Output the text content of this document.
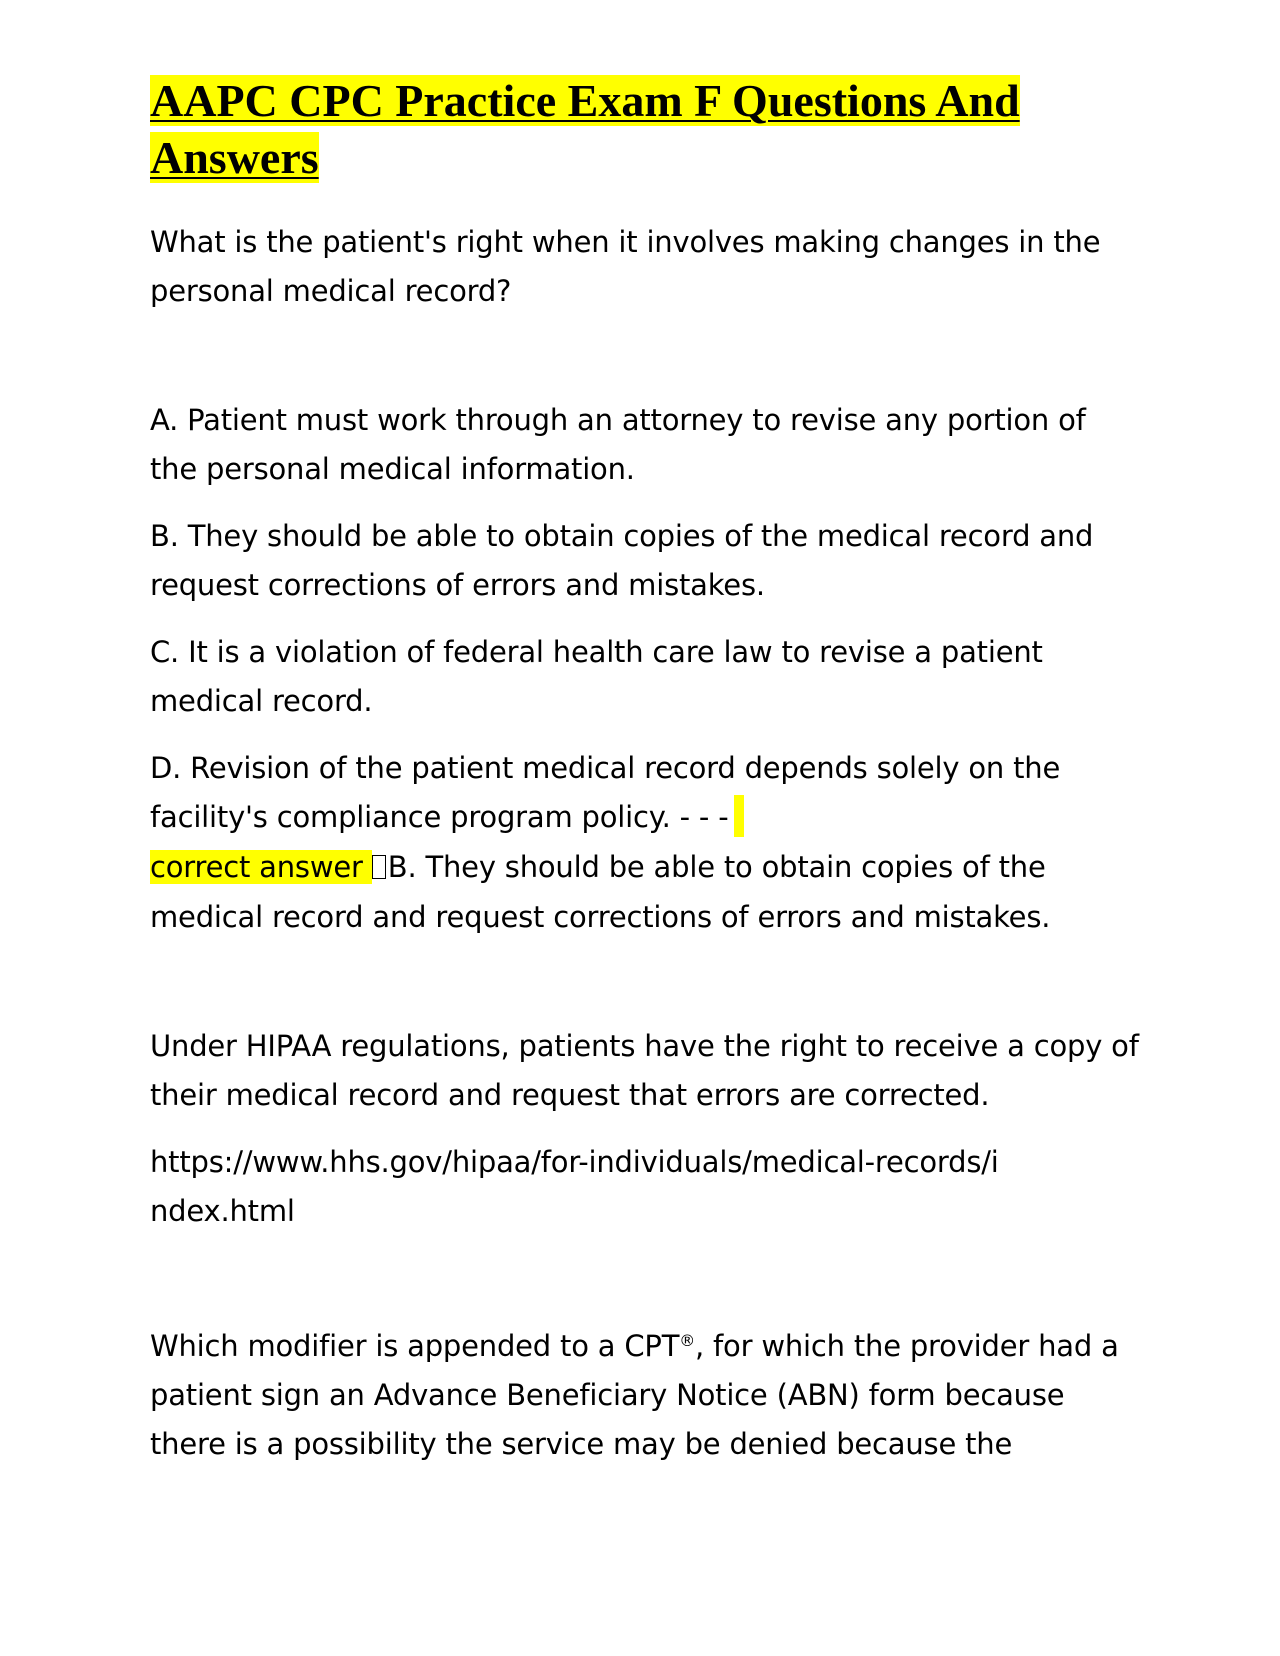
AAPC CPC Practice Exam F Questions And Answers

What is the patient's right when it involves making changes in the personal medical record?

A. Patient must work through an attorney to revise any portion of the personal medical information.

B. They should be able to obtain copies of the medical record and request corrections of errors and mistakes.

C. It is a violation of federal health care law to revise a patient medical record.

D. Revision of the patient medical record depends solely on the facility's compliance program policy. - - -

correct answer B. They should be able to obtain copies of the medical record and request corrections of errors and mistakes.

Under HIPAA regulations, patients have the right to receive a copy of their medical record and request that errors are corrected.

https://www.hhs.gov/hipaa/for-individuals/medical-records/index.html

Which modifier is appended to a CPT®, for which the provider had a patient sign an Advance Beneficiary Notice (ABN) form because there is a possibility the service may be denied because the
